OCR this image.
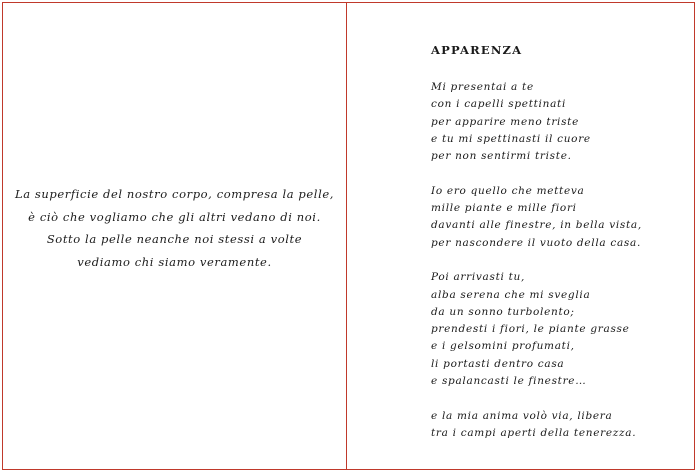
La superficie del nostro corpo, compresa la pelle,
è ciò che vogliamo che gli altri vedano di noi.
Sotto la pelle neanche noi stessi a volte
vediamo chi siamo veramente.
APPARENZA
Mi presentai a te
con i capelli spettinati
per apparire meno triste
e tu mi spettinasti il cuore
per non sentirmi triste.
Io ero quello che metteva
mille piante e mille fiori
davanti alle finestre, in bella vista,
per nascondere il vuoto della casa.
Poi arrivasti tu,
alba serena che mi sveglia
da un sonno turbolento;
prendesti i fiori, le piante grasse
e i gelsomini profumati,
li portasti dentro casa
e spalancasti le finestre…
e la mia anima volò via, libera
tra i campi aperti della tenerezza.
